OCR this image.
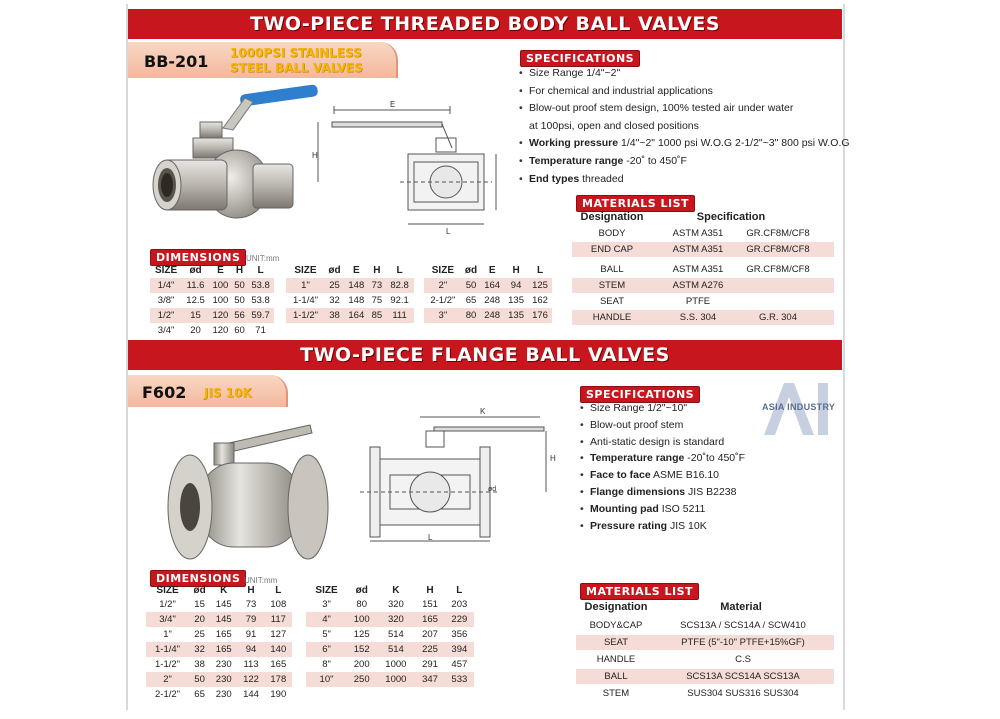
TWO-PIECE THREADED BODY BALL VALVES
BB-201 1000PSI STAINLESS
STEEL BALL VALVES
E
H
L
SPECIFICATIONS
• Size Range 1/4"~2"
• For chemical and industrial applications
• Blow-out proof stem design, 100% tested air under water
at 100psi, open and closed positions
• Working pressure 1/4"~2" 1000 psi W.O.G 2-1/2"~3" 800 psi W.O.G
• Temperature range -20˚ to 450˚F
• End types threaded
MATERIALS LIST
Designation	Specification
BODY	ASTM A351	GR.CF8M/CF8
END CAP	ASTM A351	GR.CF8M/CF8
BALL	ASTM A351	GR.CF8M/CF8
STEM	ASTM A276
SEAT	PTFE
HANDLE	S.S. 304	G.R. 304
DIMENSIONS UNIT:mm
SIZE	ød	E	H	L
1/4"	11.6	100	50	53.8
3/8"	12.5	100	50	53.8
1/2"	15	120	56	59.7
3/4"	20	120	60	71
SIZE	ød	E	H	L
1"	25	148	73	82.8
1-1/4"	32	148	75	92.1
1-1/2"	38	164	85	111
SIZE	ød	E	H	L
2"	50	164	94	125
2-1/2"	65	248	135	162
3"	80	248	135	176
TWO-PIECE FLANGE BALL VALVES
F602 JIS 10K
K
H
ød
L
ASIA INDUSTRY
SPECIFICATIONS
• Size Range 1/2"~10"
• Blow-out proof stem
• Anti-static design is standard
• Temperature range -20˚to 450˚F
• Face to face ASME B16.10
• Flange dimensions JIS B2238
• Mounting pad ISO 5211
• Pressure rating JIS 10K
DIMENSIONS UNIT:mm
SIZE	ød	K	H	L
1/2"	15	145	73	108
3/4"	20	145	79	117
1"	25	165	91	127
1-1/4"	32	165	94	140
1-1/2"	38	230	113	165
2"	50	230	122	178
2-1/2"	65	230	144	190
SIZE	ød	K	H	L
3"	80	320	151	203
4"	100	320	165	229
5"	125	514	207	356
6"	152	514	225	394
8"	200	1000	291	457
10"	250	1000	347	533
MATERIALS LIST
Designation	Material
BODY&CAP	SCS13A / SCS14A / SCW410
SEAT	PTFE (5"-10" PTFE+15%GF)
HANDLE	C.S
BALL	SCS13A SCS14A SCS13A
STEM	SUS304 SUS316 SUS304
